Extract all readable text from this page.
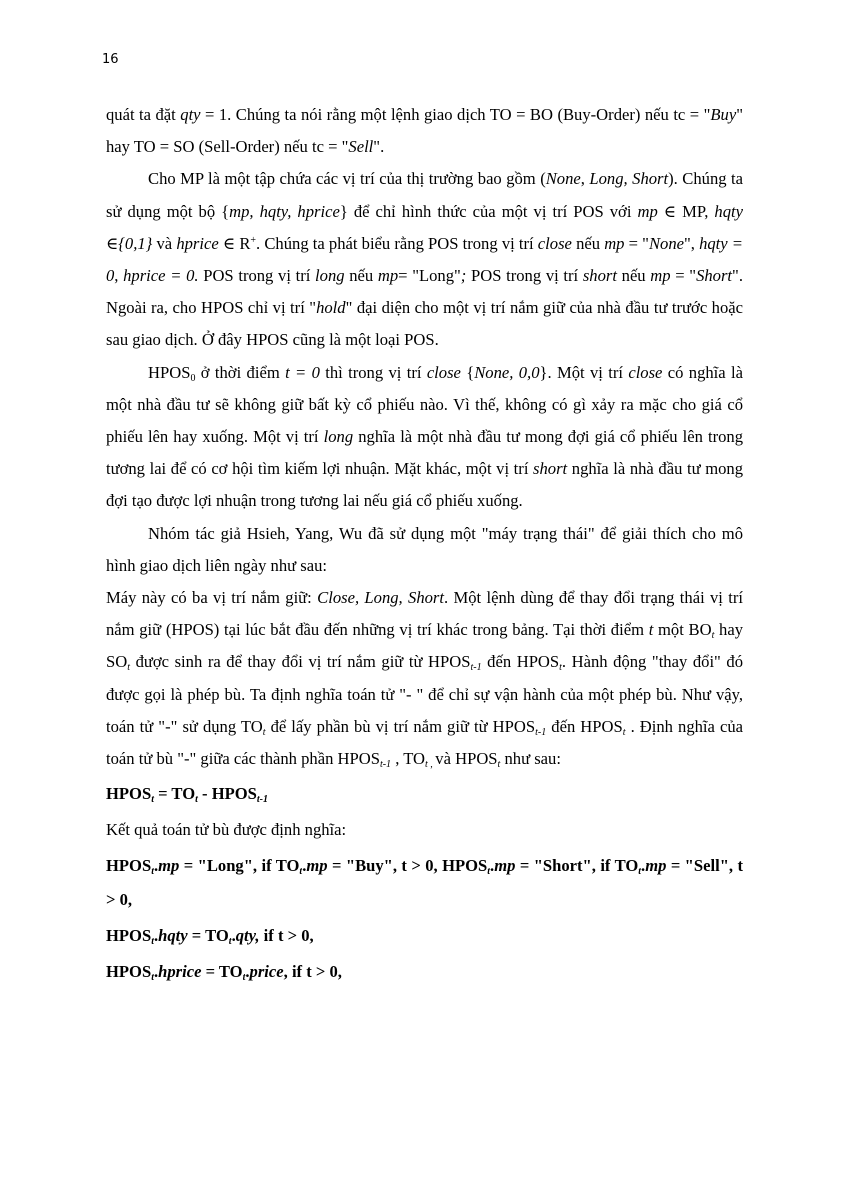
16

quát ta đặt qty = 1. Chúng ta nói rằng một lệnh giao dịch TO = BO (Buy-Order) nếu tc = "Buy" hay TO = SO (Sell-Order) nếu tc = "Sell".

Cho MP là một tập chứa các vị trí của thị trường bao gồm (None, Long, Short). Chúng ta sử dụng một bộ {mp, hqty, hprice} để chỉ hình thức của một vị trí POS với mp ∈ MP, hqty ∈{0,1} và hprice ∈ R+. Chúng ta phát biểu rằng POS trong vị trí close nếu mp = "None", hqty = 0, hprice = 0. POS trong vị trí long nếu mp= "Long"; POS trong vị trí short nếu mp = "Short". Ngoài ra, cho HPOS chỉ vị trí "hold" đại diện cho một vị trí nắm giữ của nhà đầu tư trước hoặc sau giao dịch. Ở đây HPOS cũng là một loại POS.

$HPOS_0$ ở thời điểm t = 0 thì trong vị trí close {None, 0,0}. Một vị trí close có nghĩa là một nhà đầu tư sẽ không giữ bất kỳ cổ phiếu nào. Vì thế, không có gì xảy ra mặc cho giá cổ phiếu lên hay xuống. Một vị trí long nghĩa là một nhà đầu tư mong đợi giá cổ phiếu lên trong tương lai để có cơ hội tìm kiếm lợi nhuận. Mặt khác, một vị trí short nghĩa là nhà đầu tư mong đợi tạo được lợi nhuận trong tương lai nếu giá cổ phiếu xuống.

Nhóm tác giả Hsieh, Yang, Wu đã sử dụng một "máy trạng thái" để giải thích cho mô hình giao dịch liên ngày như sau:

Máy này có ba vị trí nắm giữ: Close, Long, Short. Một lệnh dùng để thay đổi trạng thái vị trí nắm giữ (HPOS) tại lúc bắt đầu đến những vị trí khác trong bảng. Tại thời điểm t một $BO_t$ hay $SO_t$ được sinh ra để thay đổi vị trí nắm giữ từ $HPOS_{t-1}$ đến $HPOS_t$. Hành động "thay đổi" đó được gọi là phép bù. Ta định nghĩa toán tử "- " để chỉ sự vận hành của một phép bù. Như vậy, toán tử "-" sử dụng $TO_t$ để lấy phần bù vị trí nắm giữ từ $HPOS_{t-1}$ đến $HPOS_t$ . Định nghĩa của toán tử bù "-" giữa các thành phần $HPOS_{t-1}$ , $TO_{t ,}$ và $HPOS_t$ như sau:

$HPOS_t = TO_t$ - $HPOS_{t-1}$

Kết quả toán tử bù được định nghĩa:

$HPOS_t.mp$ = "Long", if $TO_t.mp$ = "Buy", t > 0, $HPOS_t.mp$ = "Short", if $TO_t.mp$ = "Sell", t > 0,

$HPOS_t.hqty = TO_t.qty$, if t > 0,

$HPOS_t.hprice$ = $TO_t.price$, if t > 0,
